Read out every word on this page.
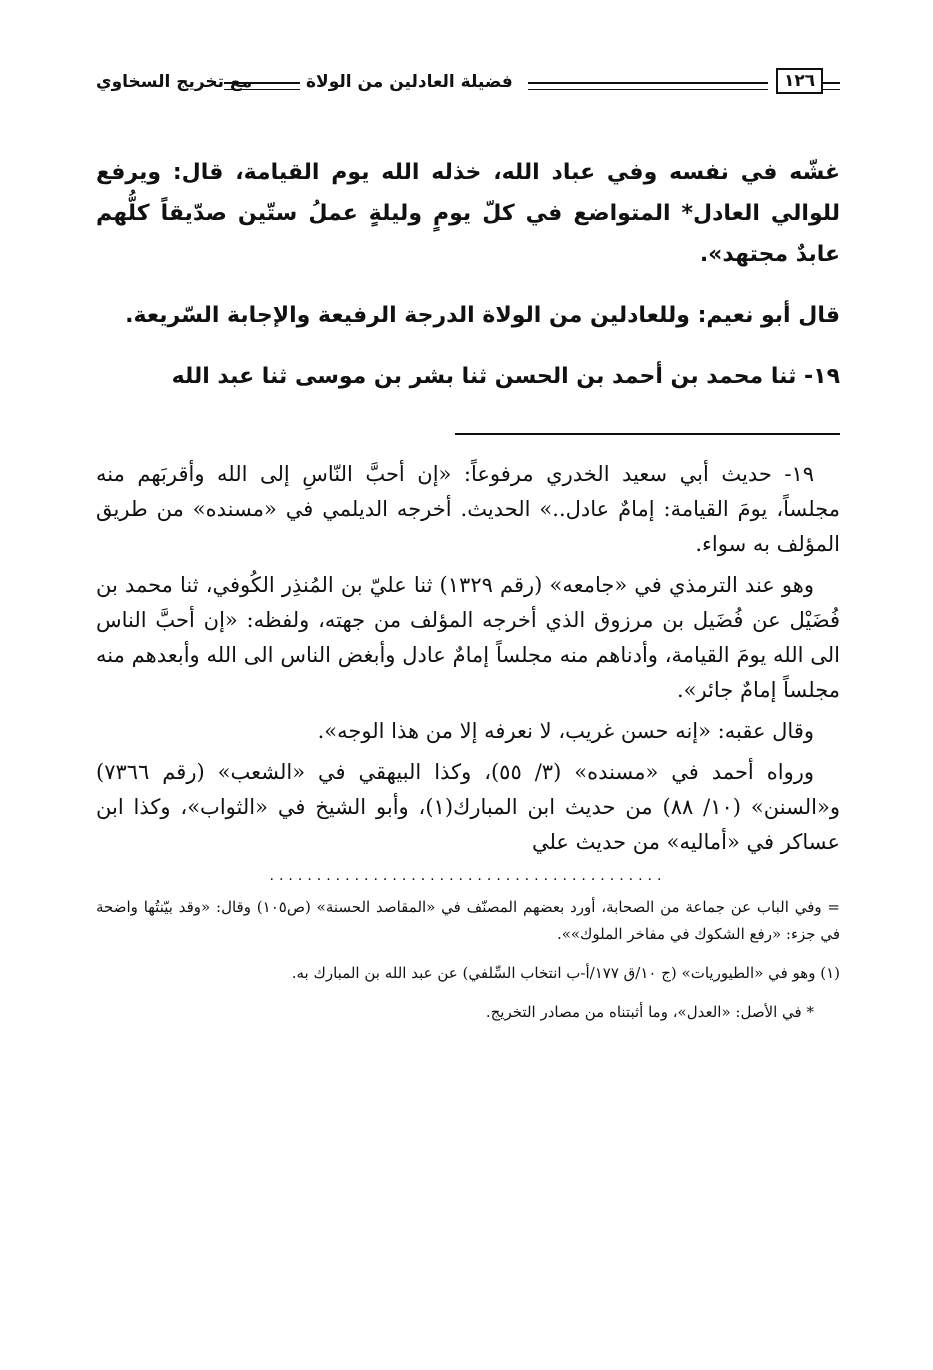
مع تخريج السخاوي	فضيلة العادلين من الولاة	١٢٦

غشّه في نفسه وفي عباد الله، خذله الله يوم القيامة، قال: ويرفع للوالي العادل* المتواضع في كلّ يومٍ وليلةٍ عملُ ستّين صدّيقاً كلُّهم عابدٌ مجتهد».

قال أبو نعيم: وللعادلين من الولاة الدرجة الرفيعة والإجابة السّريعة.

١٩- ثنا محمد بن أحمد بن الحسن ثنا بشر بن موسى ثنا عبد الله

١٩- حديث أبي سعيد الخدري مرفوعاً: «إن أحبَّ النّاسِ إلى الله وأقربَهم منه مجلساً، يومَ القيامة: إمامٌ عادل..» الحديث. أخرجه الديلمي في «مسنده» من طريق المؤلف به سواء.

وهو عند الترمذي في «جامعه» (رقم ١٣٢٩) ثنا عليّ بن المُنذِر الكُوفي، ثنا محمد بن فُضَيْل عن فُضَيل بن مرزوق الذي أخرجه المؤلف من جهته، ولفظه: «إن أحبَّ الناس الى الله يومَ القيامة، وأدناهم منه مجلساً إمامٌ عادل وأبغض الناس الى الله وأبعدهم منه مجلساً إمامٌ جائر».

وقال عقبه: «إنه حسن غريب، لا نعرفه إلا من هذا الوجه».

ورواه أحمد في «مسنده» (٣/ ٥٥)، وكذا البيهقي في «الشعب» (رقم ٧٣٦٦) و«السنن» (١٠/ ٨٨) من حديث ابن المبارك(١)، وأبو الشيخ في «الثواب»، وكذا ابن عساكر في «أماليه» من حديث علي

..........................................

= وفي الباب عن جماعة من الصحابة، أورد بعضهم المصنّف في «المقاصد الحسنة» (ص١٠٥) وقال: «وقد بيّنتُها واضحة في جزء: «رفع الشكوك في مفاخر الملوك»».

(١) وهو في «الطيوريات» (ج ١٠/ق ١٧٧/أ-ب انتخاب السِّلفي) عن عبد الله بن المبارك به.

* في الأصل: «العدل»، وما أثبتناه من مصادر التخريج.
